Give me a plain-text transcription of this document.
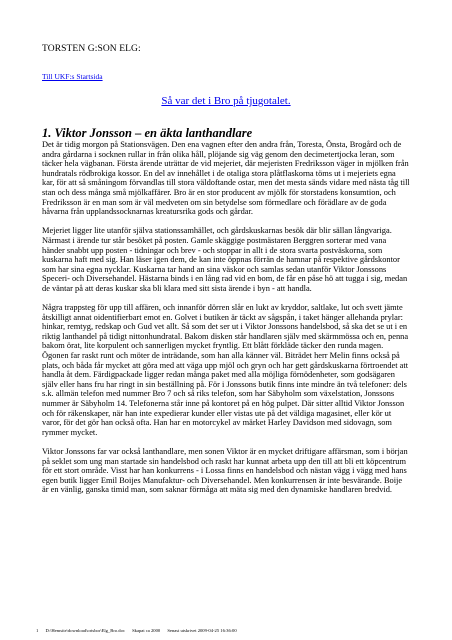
TORSTEN G:SON ELG:
Till UKF:s Startsida
Så var det i Bro på tjugotalet.
1. Viktor Jonsson – en äkta lanthandlare

Det är tidig morgon på Stationsvägen. Den ena vagnen efter den andra från, Toresta, Önsta, Brogård och de andra gårdarna i socknen rullar in från olika håll, plöjande sig väg genom den decimetertjocka leran, som täcker hela vägbanan. Första ärende uträttar de vid mejeriet, där mejeristen Fredriksson väger in mjölken från hundratals rödbrokiga kossor. En del av innehållet i de otaliga stora plåtflaskorna töms ut i mejeriets egna kar, för att så småningom förvandlas till stora väldoftande ostar, men det mesta sänds vidare med nästa tåg till stan och dess många små mjölkaffärer. Bro är en stor producent av mjölk för storstadens konsumtion, och Fredriksson är en man som är väl medveten om sin betydelse som förmedlare och förädlare av de goda håvarna från upplandssocknarnas kreatursrika gods och gårdar.

Mejeriet ligger lite utanför själva stationssamhället, och gårdskuskarnas besök där blir sällan långvariga. Närmast i ärende tur står besöket på posten. Gamle skäggige postmästaren Berggren sorterar med vana händer snabbt upp posten - tidningar och brev - och stoppar in allt i de stora svarta postväskorna, som kuskarna haft med sig. Han läser igen dem, de kan inte öppnas förrän de hamnar på respektive gårdskontor som har sina egna nycklar. Kuskarna tar hand an sina väskor och samlas sedan utanför Viktor Jonssons Speceri- och Diversehandel. Hästarna binds i en lång rad vid en bom, de får en påse hö att tugga i sig, medan de väntar på att deras kuskar ska bli klara med sitt sista ärende i byn - att handla.

Några trappsteg för upp till affären, och innanför dörren slår en lukt av kryddor, saltlake, lut och svett jämte åtskilligt annat oidentifierbart emot en. Golvet i butiken är täckt av sågspån, i taket hänger allehanda prylar: hinkar, remtyg, redskap och Gud vet allt. Så som det ser ut i Viktor Jonssons handelsbod, så ska det se ut i en riktig lanthandel på tidigt nittonhundratal. Bakom disken står handlaren själv med skärmmössa och en, penna bakom örat, lite korpulent och sannerligen mycket fryntlig. Ett blått förkläde täcker den runda magen. Ögonen far raskt runt och möter de inträdande, som han alla känner väl. Biträdet herr Melin finns också på plats, och båda får mycket att göra med att väga upp mjöl och gryn och har gett gårdskuskarna förtroendet att handla åt dem. Färdigpackade ligger redan många paket med alla möjliga förnödenheter, som godsägaren själv eller hans fru har ringt in sin beställning på. För i Jonssons butik finns inte mindre än två telefoner: dels s.k. allmän telefon med nummer Bro 7 och så riks telefon, som har Säbyholm som växelstation, Jonssons nummer är Säbyholm 14. Telefonerna står inne på kontoret på en hög pulpet. Där sitter alltid Viktor Jonsson och för räkenskaper, när han inte expedierar kunder eller vistas ute på det väldiga magasinet, eller kör ut varor, för det gör han också ofta. Han har en motorcykel av märket Harley Davidson med sidovagn, som rymmer mycket.

Viktor Jonssons far var också lanthandlare, men sonen Viktor är en mycket driftigare affärsman, som i början på seklet som ung man startade sin handelsbod och raskt har kunnat arbeta upp den till att bli ett köpcentrum för ett stort område. Visst har han konkurrens - i Lossa finns en handelsbod och nästan vägg i vägg med hans egen butik ligger Emil Boijes Manufaktur- och Diversehandel. Men konkurrensen är inte besvärande. Boije är en vänlig, ganska timid man, som saknar förmåga att mäta sig med den dynamiske handlaren bredvid.

1 D:\Hemsite\download\ortsbor\Elg_Bro.doc Skapat ca 2000 Senast utskrivet 2009-04-25 16:36:00
